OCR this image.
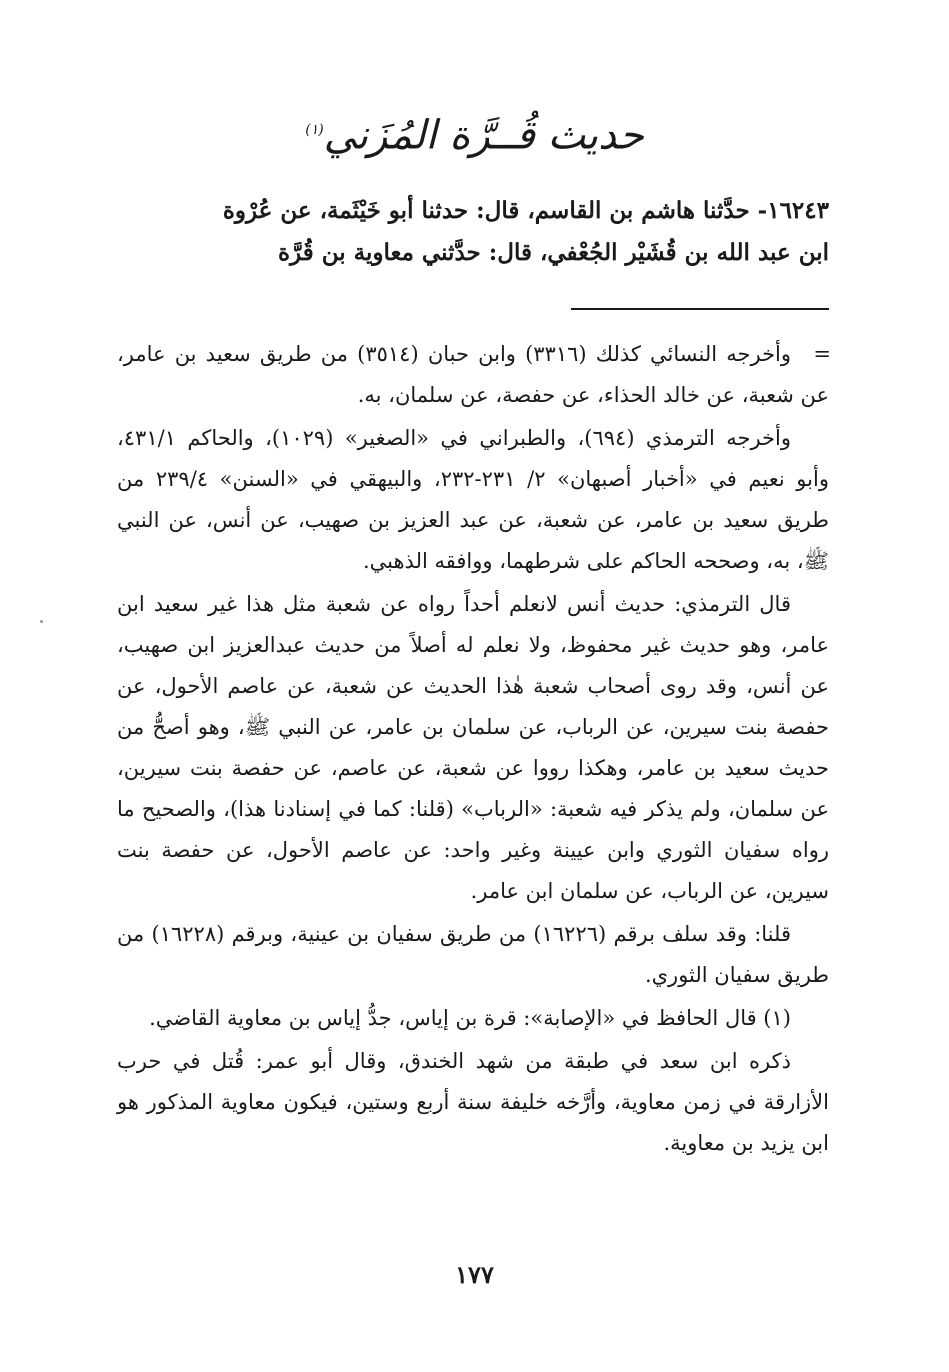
حديث قُــرَّة المُزَني$^{(١)}$

١٦٢٤٣- حدَّثنا هاشم بن القاسم، قال: حدثنا أبو خَيْثَمة، عن عُرْوة

ابن عبد الله بن قُشَيْر الجُعْفي، قال: حدَّثني معاوية بن قُرَّة

=
وأخرجه النسائي كذلك (٣٣١٦) وابن حبان (٣٥١٤) من طريق سعيد بن عامر، عن شعبة، عن خالد الحذاء، عن حفصة، عن سلمان، به.

وأخرجه الترمذي (٦٩٤)، والطبراني في «الصغير» (١٠٢٩)، والحاكم ٤٣١/١، وأبو نعيم في «أخبار أصبهان» ٢/ ٢٣١-٢٣٢، والبيهقي في «السنن» ٢٣٩/٤ من طريق سعيد بن عامر، عن شعبة، عن عبد العزيز بن صهيب، عن أنس، عن النبي ﷺ، به، وصححه الحاكم على شرطهما، ووافقه الذهبي.

قال الترمذي: حديث أنس لانعلم أحداً رواه عن شعبة مثل هذا غير سعيد ابن عامر، وهو حديث غير محفوظ، ولا نعلم له أصلاً من حديث عبدالعزيز ابن صهيب، عن أنس، وقد روى أصحاب شعبة هٰذا الحديث عن شعبة، عن عاصم الأحول، عن حفصة بنت سيرين، عن الرباب، عن سلمان بن عامر، عن النبي ﷺ، وهو أصحُّ من حديث سعيد بن عامر، وهكذا رووا عن شعبة، عن عاصم، عن حفصة بنت سيرين، عن سلمان، ولم يذكر فيه شعبة: «الرباب» (قلنا: كما في إسنادنا هذا)، والصحيح ما رواه سفيان الثوري وابن عيينة وغير واحد: عن عاصم الأحول، عن حفصة بنت سيرين، عن الرباب، عن سلمان ابن عامر.

قلنا: وقد سلف برقم (١٦٢٢٦) من طريق سفيان بن عينية، وبرقم (١٦٢٢٨) من طريق سفيان الثوري.

(١) قال الحافظ في «الإصابة»: قرة بن إياس، جدُّ إياس بن معاوية القاضي.

ذكره ابن سعد في طبقة من شهد الخندق، وقال أبو عمر: قُتل في حرب الأزارقة في زمن معاوية، وأرَّخه خليفة سنة أربع وستين، فيكون معاوية المذكور هو ابن يزيد بن معاوية.

١٧٧
